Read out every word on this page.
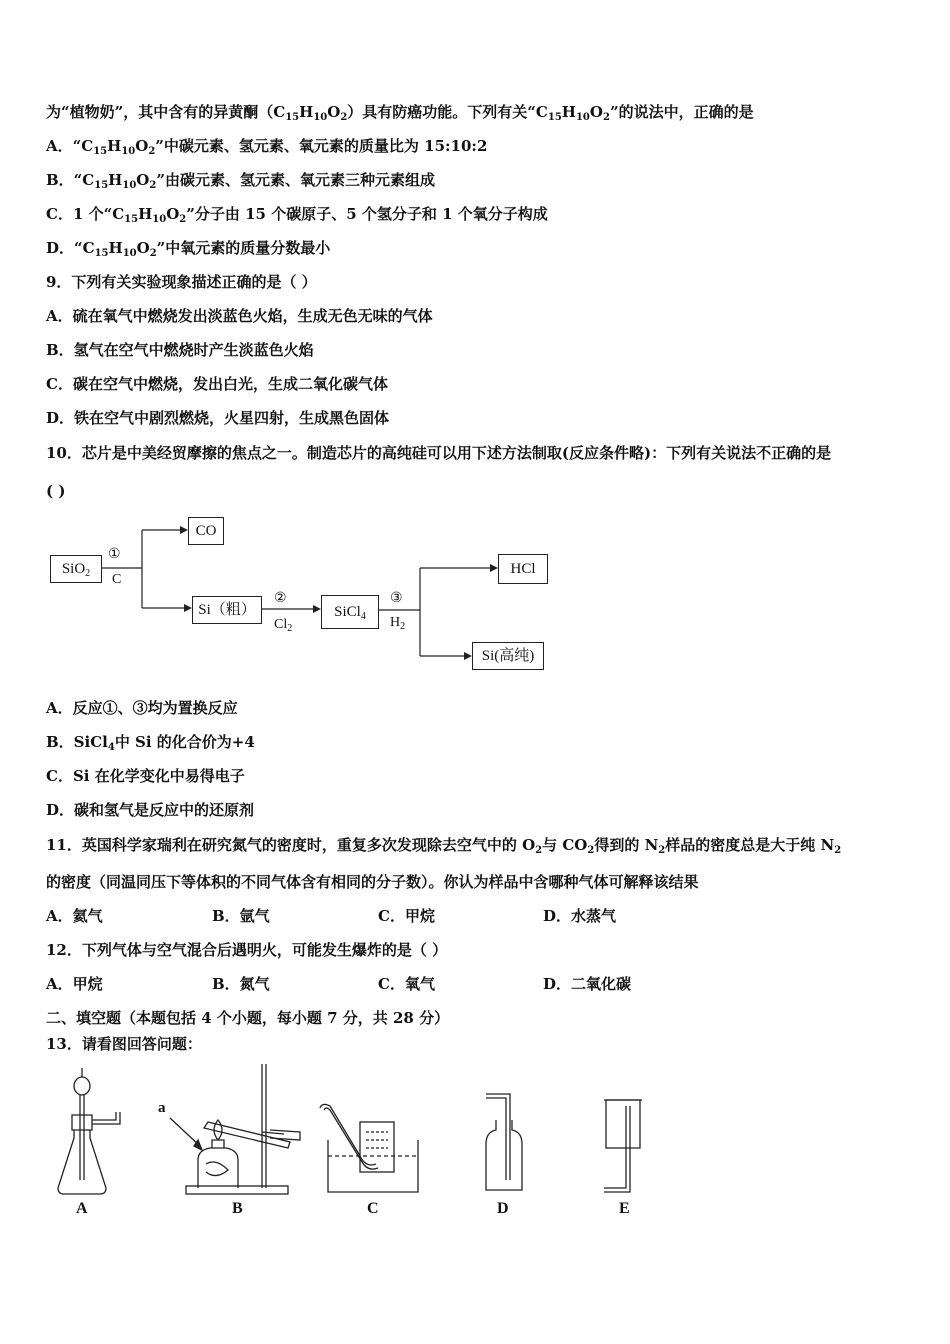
为“植物奶”，其中含有的异黄酮$(C_{15}H_{10}O_2)$具有防癌功能。下列有关“$C_{15}H_{10}O_2$”的说法中，正确的是
A．“$C_{15}H_{10}O_2$”中碳元素、氢元素、氧元素的质量比为 15:10:2
B．“$C_{15}H_{10}O_2$”由碳元素、氢元素、氧元素三种元素组成
C．1 个“$C_{15}H_{10}O_2$”分子由 15 个碳原子、5 个氢分子和 1 个氧分子构成
D．“$C_{15}H_{10}O_2$”中氧元素的质量分数最小
9．下列有关实验现象描述正确的是（ ）
A．硫在氧气中燃烧发出淡蓝色火焰，生成无色无味的气体
B．氢气在空气中燃烧时产生淡蓝色火焰
C．碳在空气中燃烧，发出白光，生成二氧化碳气体
D．铁在空气中剧烈燃烧，火星四射，生成黑色固体
10．芯片是中美经贸摩擦的焦点之一。制造芯片的高纯硅可以用下述方法制取(反应条件略)：下列有关说法不正确的是
( )
SiO$_2$
①
C
CO
Si（粗）
②
$Cl_2$
SiCl$_4$
③
$H_2$
HCl
Si(高纯)
A．反应①、③均为置换反应
B．SiCl$_4$中 Si 的化合价为+4
C．Si 在化学变化中易得电子
D．碳和氢气是反应中的还原剂
11．英国科学家瑞利在研究氮气的密度时，重复多次发现除去空气中的 $O_2$与 $CO_2$得到的 $N_2$样品的密度总是大于纯 $N_2$
的密度（同温同压下等体积的不同气体含有相同的分子数）。你认为样品中含哪种气体可解释该结果
A．氦气	B．氩气	C．甲烷	D．水蒸气
12．下列气体与空气混合后遇明火，可能发生爆炸的是（ ）
A．甲烷	B．氮气	C．氧气	D．二氧化碳
二、填空题（本题包括 4 个小题，每小题 7 分，共 28 分）
13．请看图回答问题：
a
A	B	C	D	E
